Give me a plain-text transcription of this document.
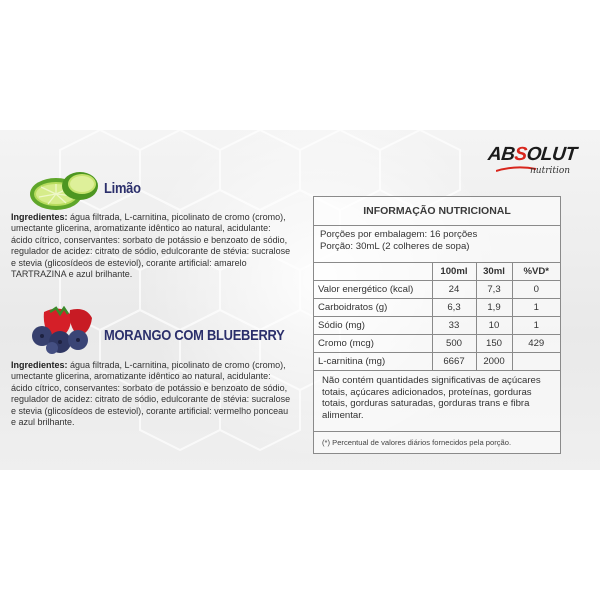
ABSOLUT
nutrition
Limão

Ingredientes: água filtrada, L-carnitina, picolinato de cromo (cromo), umectante glicerina, aromatizante idêntico ao natural, acidulante: ácido cítrico, conservantes: sorbato de potássio e benzoato de sódio, regulador de acidez: citrato de sódio, edulcorante de stévia: sucralose e stevia (glicosídeos de esteviol), corante artificial: amarelo TARTRAZINA e azul brilhante.

MORANGO COM BLUEBERRY

Ingredientes: água filtrada, L-carnitina, picolinato de cromo (cromo), umectante glicerina, aromatizante idêntico ao natural, acidulante: ácido cítrico, conservantes: sorbato de potássio e benzoato de sódio, regulador de acidez: citrato de sódio, edulcorante de stévia: sucralose e stevia (glicosídeos de esteviol), corante artificial: vermelho ponceau e azul brilhante.

INFORMAÇÃO NUTRICIONAL
Porções por embalagem: 16 porções
Porção: 30mL (2 colheres de sopa)
	100ml	30ml	%VD*
Valor energético (kcal)	24	7,3	0
Carboidratos (g)	6,3	1,9	1
Sódio (mg)	33	10	1
Cromo (mcg)	500	150	429
L-carnitina (mg)	6667	2000	
Não contém quantidades significativas de açúcares totais, açúcares adicionados, proteínas, gorduras totais, gorduras saturadas, gorduras trans e fibra alimentar.
(*) Percentual de valores diários fornecidos pela porção.
